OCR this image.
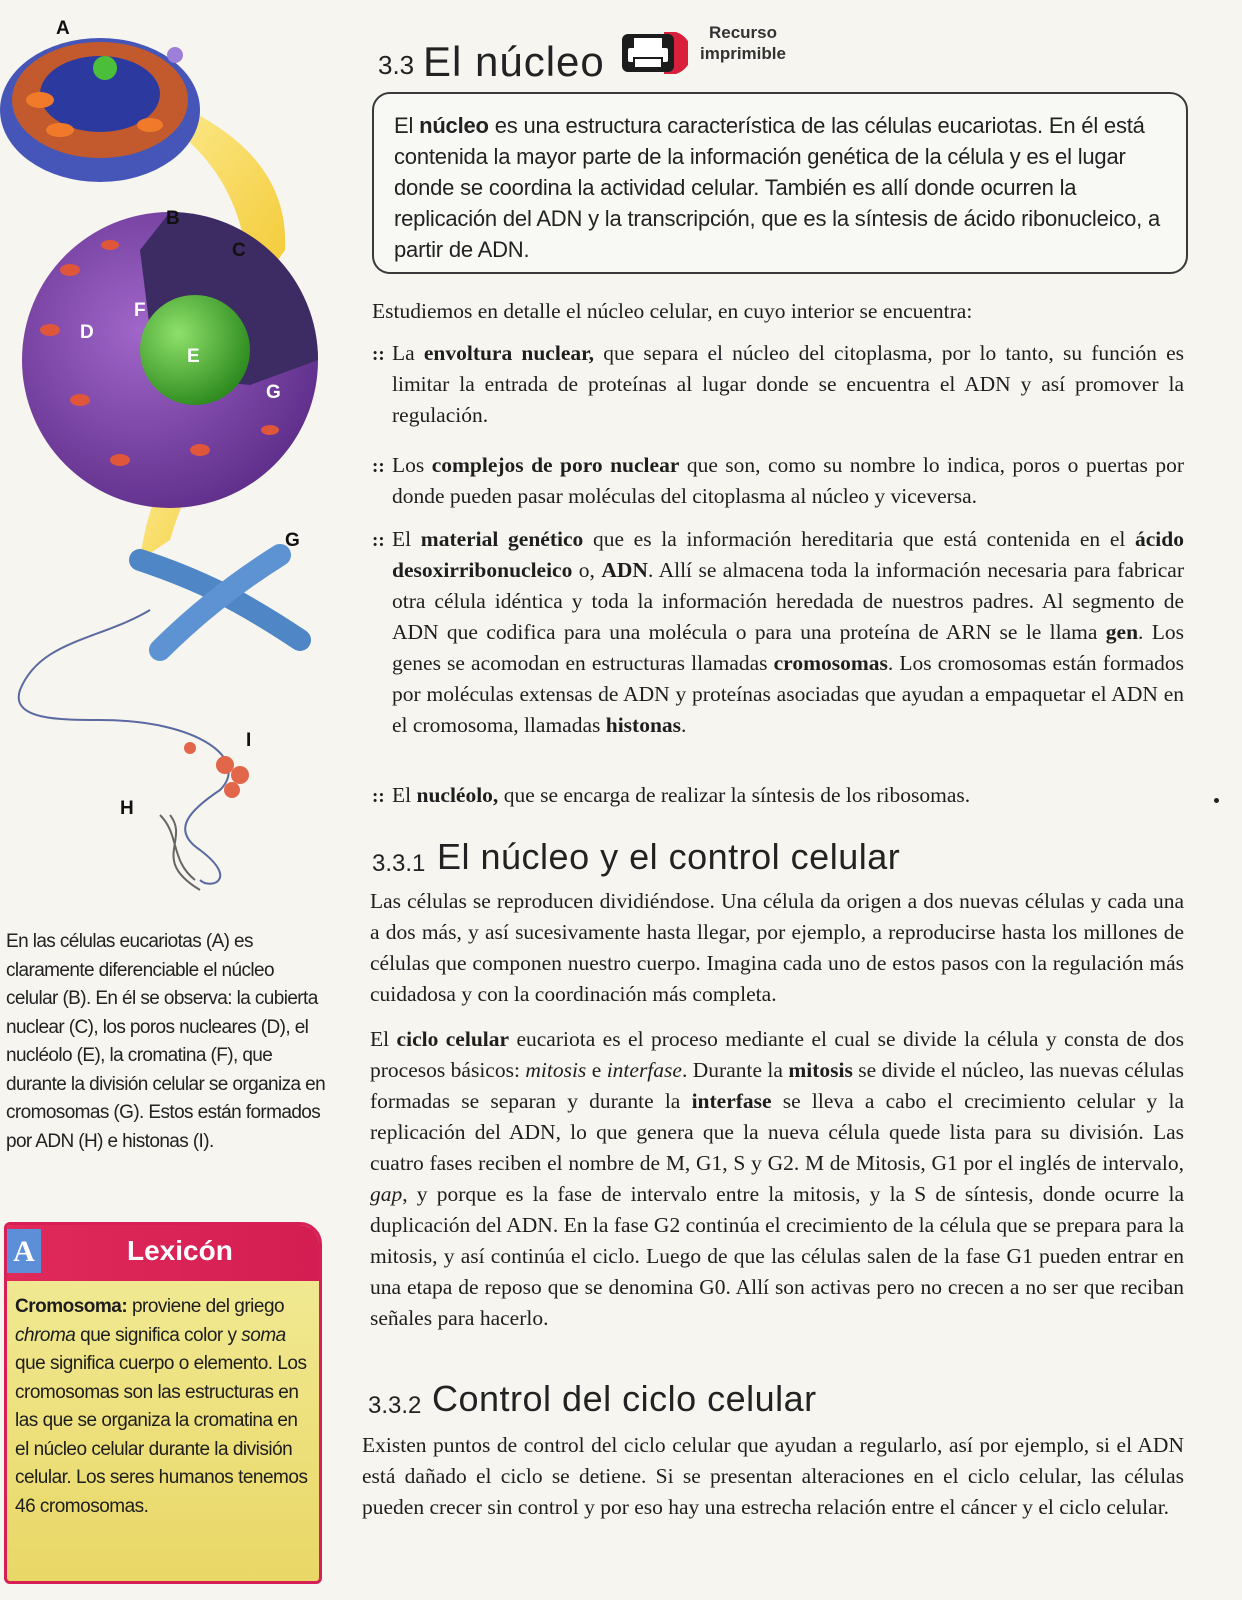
A
B
C
D
E
F
G
G
H
I
En las células eucariotas (A) es claramente diferenciable el núcleo celular (B). En él se observa: la cubierta nuclear (C), los poros nucleares (D), el nucléolo (E), la cromatina (F), que durante la división celular se organiza en cromosomas (G). Estos están formados por ADN (H) e histonas (I).
A	Lexicón
Cromosoma: proviene del griego chroma que significa color y soma que significa cuerpo o elemento. Los cromosomas son las estructuras en las que se organiza la cromatina en el núcleo celular durante la división celular. Los seres humanos tenemos 46 cromosomas.
3.3 El núcleo
Recurso
imprimible
El núcleo es una estructura característica de las células eucariotas. En él está contenida la mayor parte de la información genética de la célula y es el lugar donde se coordina la actividad celular. También es allí donde ocurren la replicación del ADN y la transcripción, que es la síntesis de ácido ribonucleico, a partir de ADN.
Estudiemos en detalle el núcleo celular, en cuyo interior se encuentra:
:: La envoltura nuclear, que separa el núcleo del citoplasma, por lo tanto, su función es limitar la entrada de proteínas al lugar donde se encuentra el ADN y así promover la regulación.
:: Los complejos de poro nuclear que son, como su nombre lo indica, poros o puertas por donde pueden pasar moléculas del citoplasma al núcleo y viceversa.
:: El material genético que es la información hereditaria que está contenida en el ácido desoxirribonucleico o, ADN. Allí se almacena toda la información necesaria para fabricar otra célula idéntica y toda la información heredada de nuestros padres. Al segmento de ADN que codifica para una molécula o para una proteína de ARN se le llama gen. Los genes se acomodan en estructuras llamadas cromosomas. Los cromosomas están formados por moléculas extensas de ADN y proteínas asociadas que ayudan a empaquetar el ADN en el cromosoma, llamadas histonas.
:: El nucléolo, que se encarga de realizar la síntesis de los ribosomas.
3.3.1 El núcleo y el control celular
Las células se reproducen dividiéndose. Una célula da origen a dos nuevas células y cada una a dos más, y así sucesivamente hasta llegar, por ejemplo, a reproducirse hasta los millones de células que componen nuestro cuerpo. Imagina cada uno de estos pasos con la regulación más cuidadosa y con la coordinación más completa.
El ciclo celular eucariota es el proceso mediante el cual se divide la célula y consta de dos procesos básicos: mitosis e interfase. Durante la mitosis se divide el núcleo, las nuevas células formadas se separan y durante la interfase se lleva a cabo el crecimiento celular y la replicación del ADN, lo que genera que la nueva célula quede lista para su división. Las cuatro fases reciben el nombre de M, G1, S y G2. M de Mitosis, G1 por el inglés de intervalo, gap, y porque es la fase de intervalo entre la mitosis, y la S de síntesis, donde ocurre la duplicación del ADN. En la fase G2 continúa el crecimiento de la célula que se prepara para la mitosis, y así continúa el ciclo. Luego de que las células salen de la fase G1 pueden entrar en una etapa de reposo que se denomina G0. Allí son activas pero no crecen a no ser que reciban señales para hacerlo.
3.3.2 Control del ciclo celular
Existen puntos de control del ciclo celular que ayudan a regularlo, así por ejemplo, si el ADN está dañado el ciclo se detiene. Si se presentan alteraciones en el ciclo celular, las células pueden crecer sin control y por eso hay una estrecha relación entre el cáncer y el ciclo celular.
